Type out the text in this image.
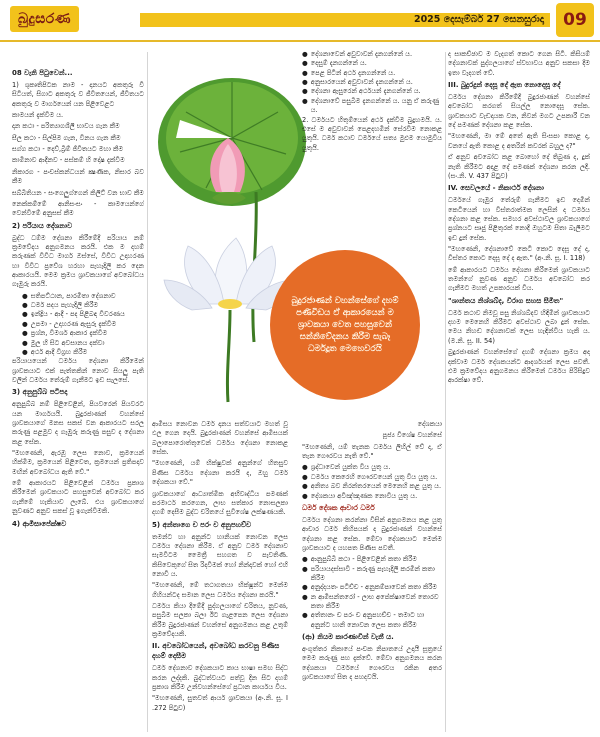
බුදුසරණ	2025 දෙසැම්බර් 27 සෙනසුරාදා 09
08 වැනි පිටුවෙන්...

1) ශුක්‍රුතිපිටක නාම - දානයට අකතුරු වි සිටියත්, සිගාට අකතුරු ව ජීවිතයෙන්, ජීවිතයට අකතුරු ව මාර්ගයෙන් යන පිළිවෙළට

කාමයන් දැක්විම ය.

දාන කථා - පරිත්‍යාගශීලී භාවය ගැන කීම

සීල කථා - සිල්පිම ගැන, විනය ගැන කීම

සග්ග කථා - දෙව්,බ්‍රිම් ජීවිතයට මහා කීම

කාමීනාව ආදීනව - පස්කම් හි දෝෂ දැක්විම

නිකාරග - පංචස්කන්ධයන් ක්‍ෂණික, නිසාර බව කීම

සබ්බිතියන - සංගෙලුග්ගෙන් කිලිට් වන භාව කීම

නෙක්කම්මේ ආනිසංසං - කාමයෙන්ගේ වෙන්වීමේ අනුසස් කීම

2) පරියාය දේශනාව

බුද්ධ ධම්ම දේශනා කිරීමේදී පරියාය නම් ක්‍රමවේදය අනුගමනය කරයි. එක ම දහම් කරුණක් විවිධ මාර්ග ඔස්සේ, විවිධ උදාහරණ හා විවිධ ප්‍රවේශ හරහා පැහැදිලි කර දෙන ආකාරයයි. මෙම ක්‍රමය ශ්‍රාවකයාගේ අවබෝධය ගැඹුරු කරයි.

● සතිපට්ඨාන, පාරමිතා දේශනාව
● ධර්ම පදය පැහැදිලි කිරීම
● ඉන්ද්‍රිය - ආදී - පද පිළිබඳ විවරණය
● උපමා - උදාහරණ ඇසුරු දැක්වීම
● ප්‍රශ්න, විමර්ශ ආකාර දැක්වීම
● මුල හි සිට අවසානය දක්වා
● අර්ථ ආදී විග්‍රහ කිරීම

පරියායයෙන් ධර්මය දේශනා කිරීමෙන් ශ්‍රාවකයාට එක් පැත්තකින් නොව සියලු පැති වලින් ධර්මය තේරුම් ගැනීමට ඉඩ සැලසේ.

3) අනුපුබ්බ පටිපදා

අනුපුබ්බ නම් පිළිවෙළින්, පියවරෙන් පියවරට යන මාර්ගයයි. බුදුරජාණන් වහන්සේ ශ්‍රාවකයාගේ මනස සකස් වන ආකාරයට සරල කරුණු පළමුව ද ගැඹුරු කරුණු පසුව ද දේශනා කළ සේක.

"මහණෙනි, ඇරඹූ ලෙස නොව, ක්‍රමයෙන් හික්මීම, ක්‍රමයෙන් පිළිවෙත, ක්‍රමයෙන් ප්‍රතිපදාව මඟින් අවබෝධය ඇති වේ."

මේ ආකාරයට පිළිවෙළින් ධර්මය ප්‍රකාශ කිරීමෙන් ශ්‍රාවකයාට පහසුවෙන් අවබෝධ කර ගැනීමේ හැකියාව ලැබේ. එය ශ්‍රාවකයාගේ නුවණට අනුව සකස් වූ ඉගැන්වීමකි.

4) ආමිසාපේක්ෂව

බුදුරජාණන් වහන්සේගේ දහම් පණිවිඩය ඒ ආකාරයෙන් ම ශ්‍රාවකයා වෙත පහසුවෙන් සන්නිවේදනය කිරීම සැබෑ ධර්මදූත මෙහෙවරයි

ආමිසය නොවන ධර්ම දානය සත්වයාට මහත් වූ ඵල ගෙන දෙයි. බුදුරජාණන් වහන්සේ ආමිසයක් බලාපොරොත්තුවෙන් ධර්මය දේශනා නොකළ සේක.

"මහණෙනි, යම් භික්ෂුවක් අනුන්ගේ හිතසුව පිණිස ධර්මය දේශනා කරයි ද, ඔහු ධර්ම දේශකයා වේ."

ශ්‍රාවකයාගේ ආධ්‍යාත්මික අභිවෘද්ධිය පමණක් පරමාර්ථ කරගෙන, ලාභ සත්කාර නොසලකා දහම් දෙසීම බුද්ධ චරිතයේ සුවිශේෂ ලක්ෂණයකි.

5) අන්තාගෙ ච පරං ච අනුපහච්ච

තමන්ට හා අනුන්ට හානියක් නොවන ලෙස ධර්මය දේශනා කිරීම. ඒ අනුව ධර්ම දේශනාව සැමවිටම මෛත්‍රී සහගත ව පැවතිණි. කිසිවෙකුගේ සිත රිදවීමක් හෝ නින්දාවක් හෝ එහි නොවී ය.

"මහණෙනි, මේ තථාගතයා භික්ෂූන්ට මෙන්ම ගිහියන්ටද සමාන ලෙස ධර්මය දේශනා කරයි."

ධර්මය කියා දීමේදී පුද්ගලයාගේ චරිතය, නුවණ, පසුබිම සලකා බලා ඊට ගැළපෙන ලෙස දේශනා කිරීම බුදුරජාණන් වහන්සේ අනුගමනය කළ උතුම් ක්‍රමවේදයකි.

II. අවබෝධයෙන්, අවබෝධ කරවනු පිණිස දහම් දෙසීම

ධර්ම දේශනාව දේශකයාට කාය භාෂා සමඟ සිද්ධ කරන ලද්දකි. බුද්ධත්වයට පත්වූ දින සිට දහම් ප්‍රකාශ කිරීම උන්වහන්සේගේ ප්‍රධාන කාර්යය විය.

"මහණෙනි, සුතවත් ආර්ය ශ්‍රාවකයා (අං.නි. සූ. I .272 පිටුව)

● දේශනාවෙන් අවුවාවන් දැනගන්නේ ය.
● දෙසුම් දැනගන්නේ ය.
● පෙළ පිටින් අර්ථ දැනගන්නේ ය.
● අනුසාරයෙන් අවුවාවන් දැනගන්නේ ය.
● දේශනා ඇසුරෙන් අර්ථයන් දැනගන්නේ ය.
● දේශනාවේ පසුබිම දැනගන්නේ ය. යනු ඒ කරුණු ය.

2. ධර්මයට හිතුම්යෙන් අර්ථ දැක්වීම බුදුහමයි. ය. එසේ ම අවුවාවන් පෙළදහමින් සේරවීම නොකළ යුතුයි. ධර්ම කථාව ධර්මයේ සත්‍ය මුළුම යොමුවිය යුතුයි.

දේශකයා

පූජ්‍ය විශේෂ වහන්සේ

"මහණෙනි, යම් තැනක ධර්මය ලිහිල් වේ ද, ඒ තැන ගෞරවය නැති වේ."

● ශ්‍රද්ධාවෙන් යුක්ත විය යුතු ය.
● ධර්මය කෙරෙහි ගෞරවයෙන් යුතු විය යුතු ය.
● අනිත්‍ය බව නිරන්තරයෙන් මෙනෙහි කළ යුතු ය.
● දේශකයා අවිඤ්ඤාණක නොවිය යුතු ය.
ධර්ම දේශක ආචාර ධර්ම

ධර්මය දේශනා කරන්නා විසින් අනුගමනය කළ යුතු ආචාර ධර්ම කිහිපයක් ද බුදුරජාණන් වහන්සේ දේශනා කළ සේක. මේවා දේශකයාට මෙන්ම ශ්‍රාවකයාට ද යහපත පිණිස පවතී.

● ආනුපුබ්බි කථා - පිළිවෙළින් කතා කිරීම
● පරියායදස්සාවී - කරුණු පැහැදිලි කරමින් කතා කිරීම
● අනුද්දයතං පටිච්ච - අනුකම්පාවෙන් කතා කිරීම
● න ආමිසන්තරෝ - ලාභ අපේක්ෂාවෙන් තොරව කතා කිරීම
● අත්තානං ච පරං ච අනුපහච්ච - තමාට හා අනුන්ට හානි නොවන ලෙස කතා කිරීම
(ආ) නියම කාරණාවින් වැනී ය.

අංගුත්තර නිකායේ පංචක නිපාතයේ උදායී සූත්‍රයේ මෙම කරුණු පහ දැක්වේ. මේවා අනුගමනය කරන දේශකයා ධර්මයේ ගෞරවය රකින අතර ශ්‍රාවකයාගේ සිත ද පහදවයි.

ද සාකච්ඡාව ම වැදගත් කොට ගෙන සිටී. කිසියම් දේශනාවක් පුද්ගලයාගේ ස්වභාවය අනුව සකසා දීම ඉතා වැදගත් වේ.

III. බුදුරදුන් දෙසූ දේ ඇත නොදෙසූ දේ

ධර්මය දේශනා කිරීමේදී බුදුරජාණන් වහන්සේ අවබෝධ කරගත් සියල්ල නොදෙසූ සේක. ශ්‍රාවකයාට වැඩදායක වන, නිවන් මගට උපකාරී වන දේ පමණක් දේශනා කළ සේක.

"මහණෙනි, මා මේ අතේ ඇති සිංසපා කොළ ද, වනයේ ඇති කොළ ද අතරින් කවරක් බහුල ද?"

ඒ අනුව අවබෝධ කළ බොහෝ දේ තිබුණ ද, දුක් නැති කිරීමට අදාළ දේ පමණක් දේශනා කරන ලදී. (සං.නි. V. 437 පිටුව)

IV. සෙවලයේ - නිකාර්ථ දේශනා

ධර්මයේ ගැඹුර තේරුම් ගැනීමට ඉඩ දෙමින් කෙටියෙන් හා විස්තරාත්මක ලෙසින් ද ධර්මය දේශනා කළ සේක. සමහර අවස්ථාවල ශ්‍රාවකයාගේ ප්‍රශ්නයට සෘජු පිළිතුරක් නොදී ඔහුටම සිතා බැලීමට ඉඩ දුන් සේක.

"මහණෙනි, දේශනාවේ කෙටි කොට දෙසූ දේ ද, විස්තර කොට දෙසූ දේ ද ඇත." (අං.නි. සූ. I. 118)

මේ ආකාරයට ධර්මය දේශනා කිරීමෙන් ශ්‍රාවකයාට තමන්ගේ නුවණ අනුව ධර්මය අවබෝධ කර ගැනීමට මහත් උපකාරයක් විය.

"ශාන්තය නිශ්ශබ්ද, විරාග සහස සීමිත"

ධර්ම කථාව නිමවූ පසු නිශ්ශබ්දව හිඳිමින් ශ්‍රාවකයාට දහම මෙනෙහි කිරීමට අවස්ථාව ලබා දුන් සේක. මෙය නිහඬ දේශනාවක් ලෙස හැඳින්විය හැකි ය. (ම.නි. සූ. II. 54)

බුදුරජාණන් වහන්සේගේ දහම් දේශනා ක්‍රමය අද දක්වාම ධර්ම දේශකයන්ට ආදර්ශයක් ලෙස පවතී. එම ක්‍රමවේදය අනුගමනය කිරීමෙන් ධර්මය පිරිසිදුව ආරක්ෂා වේ.
